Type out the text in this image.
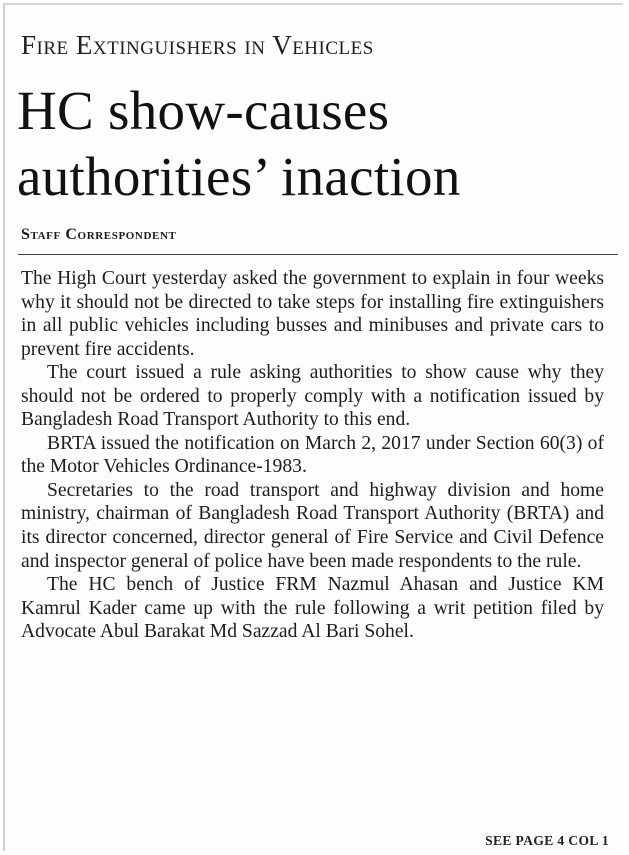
Fire Extinguishers in Vehicles
HC show-causes authorities’ inaction
Staff Correspondent

The High Court yesterday asked the government to explain in four weeks why it should not be directed to take steps for installing fire extinguishers in all public vehicles including busses and minibuses and private cars to prevent fire accidents.

The court issued a rule asking authorities to show cause why they should not be ordered to properly comply with a notification issued by Bangladesh Road Transport Authority to this end.

BRTA issued the notification on March 2, 2017 under Section 60(3) of the Motor Vehicles Ordinance-1983.

Secretaries to the road transport and highway division and home ministry, chairman of Bangladesh Road Transport Authority (BRTA) and its director concerned, director general of Fire Service and Civil Defence and inspector general of police have been made respondents to the rule.

The HC bench of Justice FRM Nazmul Ahasan and Justice KM Kamrul Kader came up with the rule following a writ petition filed by Advocate Abul Barakat Md Sazzad Al Bari Sohel.

SEE PAGE 4 COL 1
